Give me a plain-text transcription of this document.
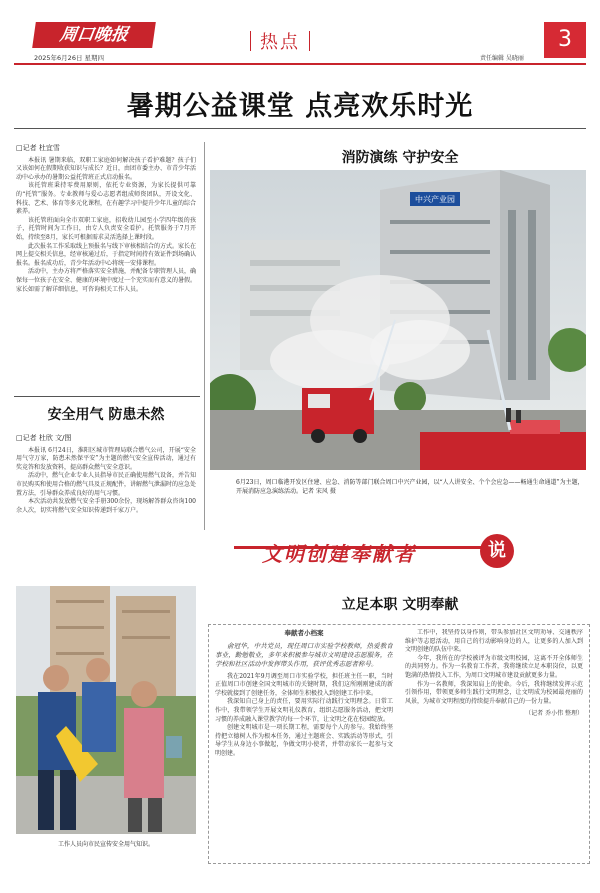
周口晚报
2025年6月26日 星期四
热点
责任编辑 吴晓丽
3
暑期公益课堂 点亮欢乐时光
□记者 杜宜雪

本报讯 暑期来临，双职工家庭如何解决孩子看护难题？孩子们又该如何在假期收获知识与成长？近日，由团市委主办、市青少年活动中心承办的暑期公益托管班正式启动报名。

该托管班秉持零费用原则，依托专业资源，为家长提供可靠的“托管”服务。专业教师与爱心志愿者组成师资团队，开设文化、科技、艺术、体育等多元化课程，在有趣学习中提升少年儿童的综合素养。

该托管班面向全市双职工家庭，招收幼儿园至小学四年级的孩子，托管时间为工作日，由专人负责安全看护。托管服务于7月开始，持续至8月，家长可根据需求灵活选择上课时段。

此次报名工作采取线上预报名与线下审核相结合的方式。家长在网上提交相关信息，经审核通过后，于指定时间持有效证件到场确认报名。报名成功后，青少年活动中心将统一安排课程。

活动中，主办方将严格落实安全措施，并配备专职管理人员，确保每一位孩子在安全、健康的环境中度过一个充实而有意义的暑假。家长如需了解详细信息，可咨询相关工作人员。

消防演练 守护安全
中兴产业园
6月23日，周口临港开发区住建、应急、消防等部门联合周口中兴产业园，以“人人讲安全、个个会应急——畅通生命通道”为主题，开展消防应急演练活动。记者 宋风 摄
安全用气 防患未然
□记者 杜欣 文/图

本报讯 6月24日，淮阳区城市管理局联合燃气公司，开展“安全用气守万家，防患未然保平安”为主题的燃气安全宣传活动，通过有奖竞答和发放资料，提高群众燃气安全意识。

活动中，燃气企业专业人员指导市民正确使用燃气设备，并告知市民购买和使用合格的燃气具及正规配件，讲解燃气泄漏时的应急处置方法，引导群众养成良好的用气习惯。

本次活动共发放燃气安全手册300余份，现场解答群众咨询100余人次，切实将燃气安全知识传递到千家万户。

工作人员向市民宣传安全用气知识。
文明创建奉献者	说
立足本职 文明奉献
奉献者小档案
俞冠华，中共党员，现任周口市实验学校教师，热爱教育事业，勤勉敬业，多年来积极参与城市文明建设志愿服务，在学校和社区活动中发挥带头作用，获评优秀志愿者称号。

我在2021年9月调至周口市实验学校，担任班主任一职，当时正值周口市创建全国文明城市的关键时期，我们这所刚刚建成的新学校就接到了创建任务，全体师生积极投入到创建工作中来。

我深知自己身上的责任，要用实际行动践行文明理念。日常工作中，我带领学生开展文明礼仪教育，组织志愿服务活动，把文明习惯的养成融入课堂教学的每一个环节，让文明之花在校园绽放。

创建文明城市是一项长期工程，需要每个人的参与。我始终坚持把立德树人作为根本任务，通过主题班会、实践活动等形式，引导学生从身边小事做起，争做文明小使者，并带动家长一起参与文明创建。

工作中，我坚持以身作则，带头参加社区文明劝导、交通秩序维护等志愿活动，用自己的行动影响身边的人，让更多的人加入到文明创建的队伍中来。

今年，我所在的学校被评为市级文明校园，这离不开全体师生的共同努力。作为一名教育工作者，我将继续立足本职岗位，以更饱满的热情投入工作，为周口文明城市建设贡献更多力量。

作为一名教师，我深知肩上的使命。今后，我将继续发挥示范引领作用，带领更多师生践行文明理念，让文明成为校园最亮丽的风景，为城市文明程度的持续提升奉献自己的一份力量。

（记者 乔小伟 整理）
